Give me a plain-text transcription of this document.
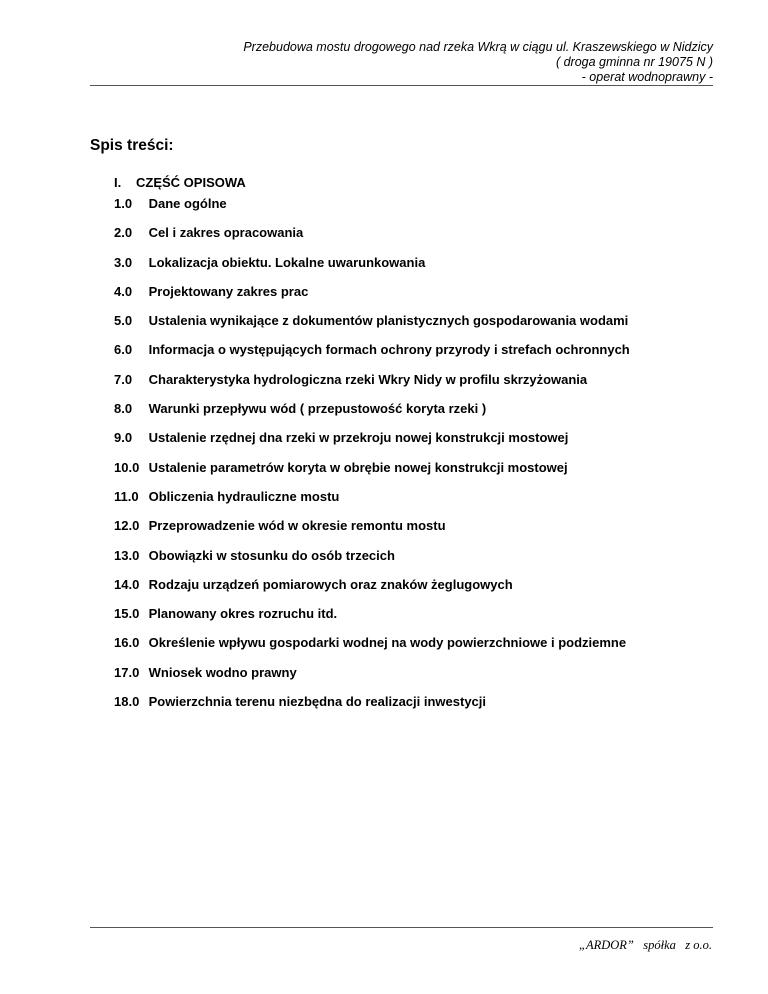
Przebudowa mostu drogowego nad rzeka Wkrą w ciągu ul. Kraszewskiego w Nidzicy
( droga gminna nr 19075 N )
- operat wodnoprawny -
Spis treści:
I. CZĘŚĆ OPISOWA
1.0 Dane ogólne
2.0 Cel i zakres opracowania
3.0 Lokalizacja obiektu. Lokalne uwarunkowania
4.0 Projektowany zakres prac
5.0 Ustalenia wynikające z dokumentów planistycznych gospodarowania wodami
6.0 Informacja o występujących formach ochrony przyrody i strefach ochronnych
7.0 Charakterystyka hydrologiczna rzeki Wkry Nidy w profilu skrzyżowania
8.0 Warunki przepływu wód ( przepustowość koryta rzeki )
9.0 Ustalenie rzędnej dna rzeki w przekroju nowej konstrukcji mostowej
10.0 Ustalenie parametrów koryta w obrębie nowej konstrukcji mostowej
11.0 Obliczenia hydrauliczne mostu
12.0 Przeprowadzenie wód w okresie remontu mostu
13.0 Obowiązki w stosunku do osób trzecich
14.0 Rodzaju urządzeń pomiarowych oraz znaków żeglugowych
15.0 Planowany okres rozruchu itd.
16.0 Określenie wpływu gospodarki wodnej na wody powierzchniowe i podziemne
17.0 Wniosek wodno prawny
18.0 Powierzchnia terenu niezbędna do realizacji inwestycji
„ARDOR”   spółka   z o.o.
